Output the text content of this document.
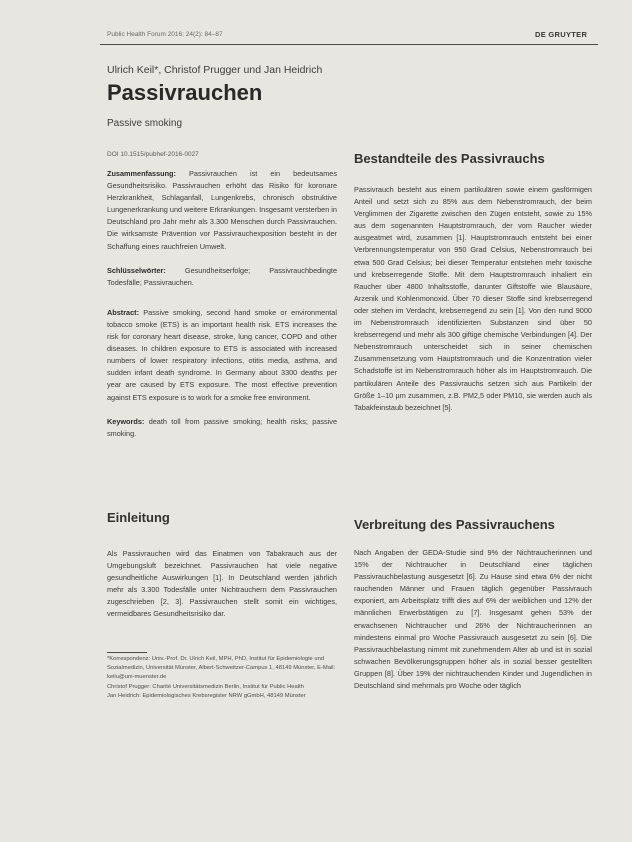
Public Health Forum 2016; 24(2): 84–87	DE GRUYTER
Ulrich Keil*, Christof Prugger und Jan Heidrich
Passivrauchen
Passive smoking
DOI 10.1515/pubhef-2016-0027

Zusammenfassung: Passivrauchen ist ein bedeutsames Gesundheitsrisiko. Passivrauchen erhöht das Risiko für koronare Herzkrankheit, Schlaganfall, Lungenkrebs, chronisch obstruktive Lungenerkrankung und weitere Erkrankungen. Insgesamt versterben in Deutschland pro Jahr mehr als 3.300 Menschen durch Passivrauchen. Die wirksamste Prävention vor Passivrauchexposition besteht in der Schaffung eines rauchfreien Umwelt.

Schlüsselwörter:	Gesundheitserfolge; Passivrauchbedingte Todesfälle; Passivrauchen.

Abstract: Passive smoking, second hand smoke or environmental tobacco smoke (ETS) is an important health risk. ETS increases the risk for coronary heart disease, stroke, lung cancer, COPD and other diseases. In children exposure to ETS is associated with increased numbers of lower respiratory infections, otitis media, asthma, and sudden infant death syndrome. In Germany about 3300 deaths per year are caused by ETS exposure. The most effective prevention against ETS exposure is to work for a smoke free environment.

Keywords: death toll from passive smoking; health risks; passive smoking.

Einleitung

Als Passivrauchen wird das Einatmen von Tabakrauch aus der Umgebungsluft bezeichnet. Passivrauchen hat viele negative gesundheitliche Auswirkungen [1]. In Deutschland werden jährlich mehr als 3.300 Todesfälle unter Nichtrauchern dem Passivrauchen zugeschrieben [2, 3]. Passivrauchen stellt somit ein wichtiges, vermeidbares Gesundheitsrisiko dar.

*Korrespondenz: Univ.-Prof. Dr. Ulrich Keil, MPH, PhD, Institut für Epidemiologie und Sozialmedizin, Universität Münster, Albert-Schweitzer-Campus 1, 48149 Münster, E-Mail: keilu@uni-muenster.de

Christof Prugger: Charité Universitätsmedizin Berlin, Institut für Public Health

Jan Heidrich: Epidemiologisches Krebsregister NRW gGmbH, 48149 Münster

Bestandteile des Passivrauchs

Passivrauch besteht aus einem partikulären sowie einem gasförmigen Anteil und setzt sich zu 85% aus dem Nebenstromrauch, der beim Verglimmen der Zigarette zwischen den Zügen entsteht, sowie zu 15% aus dem sogenannten Hauptstromrauch, der vom Raucher wieder ausgeatmet wird, zusammen [1]. Hauptstromrauch entsteht bei einer Verbrennungstemperatur von 950 Grad Celsius, Nebenstromrauch bei etwa 500 Grad Celsius; bei dieser Temperatur entstehen mehr toxische und krebserregende Stoffe. Mit dem Hauptstromrauch inhaliert ein Raucher über 4800 Inhaltsstoffe, darunter Giftstoffe wie Blausäure, Arzenik und Kohlenmonoxid. Über 70 dieser Stoffe sind krebserregend oder stehen im Verdacht, krebserregend zu sein [1]. Von den rund 9000 im Nebenstromrauch identifizierten Substanzen sind über 50 krebserregend und mehr als 300 giftige chemische Verbindungen [4]. Der Nebenstromrauch unterscheidet sich in seiner chemischen Zusammensetzung vom Hauptstromrauch und die Konzentration vieler Schadstoffe ist im Nebenstromrauch höher als im Hauptstromrauch. Die partikulären Anteile des Passivrauchs setzen sich aus Partikeln der Größe 1–10 µm zusammen, z.B. PM2,5 oder PM10, sie werden auch als Tabakfeinstaub bezeichnet [5].

Verbreitung des Passivrauchens

Nach Angaben der GEDA-Studie sind 9% der Nichtraucherinnen und 15% der Nichtraucher in Deutschland einer täglichen Passivrauchbelastung ausgesetzt [6]. Zu Hause sind etwa 6% der nicht rauchenden Männer und Frauen täglich gegenüber Passivrauch exponiert, am Arbeitsplatz trifft dies auf 6% der weiblichen und 12% der männlichen Erwerbstätigen zu [7]. Insgesamt gehen 53% der erwachsenen Nichtraucher und 26% der Nichtraucherinnen an mindestens einmal pro Woche Passivrauch ausgesetzt zu sein [6]. Die Passivrauchbelastung nimmt mit zunehmendem Alter ab und ist in sozial schwachen Bevölkerungsgruppen höher als in sozial besser gestellten Gruppen [8]. Über 19% der nichtrauchenden Kinder und Jugendlichen in Deutschland sind mehrmals pro Woche oder täglich
